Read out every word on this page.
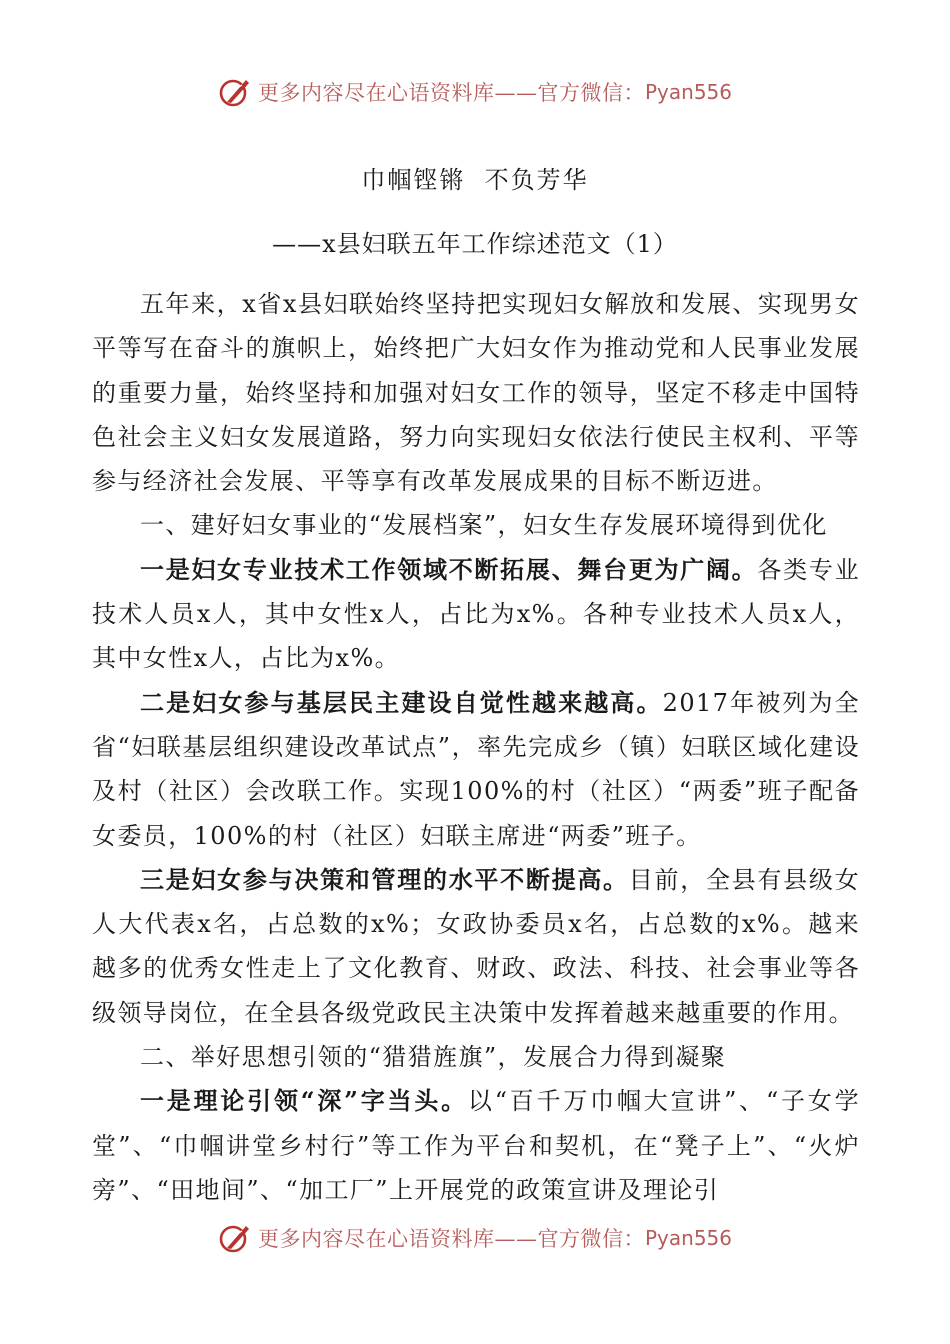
更多内容尽在心语资料库——官方微信： Pyan556
巾帼铿锵  不负芳华
——x县妇联五年工作综述范文（1）

五年来，x省x县妇联始终坚持把实现妇女解放和发展、实现男女平等写在奋斗的旗帜上，始终把广大妇女作为推动党和人民事业发展的重要力量，始终坚持和加强对妇女工作的领导，坚定不移走中国特色社会主义妇女发展道路，努力向实现妇女依法行使民主权利、平等参与经济社会发展、平等享有改革发展成果的目标不断迈进。

一、建好妇女事业的“发展档案”，妇女生存发展环境得到优化

一是妇女专业技术工作领域不断拓展、舞台更为广阔。各类专业技术人员x人，其中女性x人，占比为x%。各种专业技术人员x人，其中女性x人，占比为x%。

二是妇女参与基层民主建设自觉性越来越高。2017年被列为全省“妇联基层组织建设改革试点”，率先完成乡（镇）妇联区域化建设及村（社区）会改联工作。实现100%的村（社区）“两委”班子配备女委员，100%的村（社区）妇联主席进“两委”班子。

三是妇女参与决策和管理的水平不断提高。目前，全县有县级女人大代表x名，占总数的x%；女政协委员x名，占总数的x%。越来越多的优秀女性走上了文化教育、财政、政法、科技、社会事业等各级领导岗位，在全县各级党政民主决策中发挥着越来越重要的作用。

二、举好思想引领的“猎猎旌旗”，发展合力得到凝聚

一是理论引领“深”字当头。以“百千万巾帼大宣讲”、“子女学堂”、“巾帼讲堂乡村行”等工作为平台和契机，在“凳子上”、“火炉旁”、“田地间”、“加工厂”上开展党的政策宣讲及理论引

更多内容尽在心语资料库——官方微信： Pyan556
